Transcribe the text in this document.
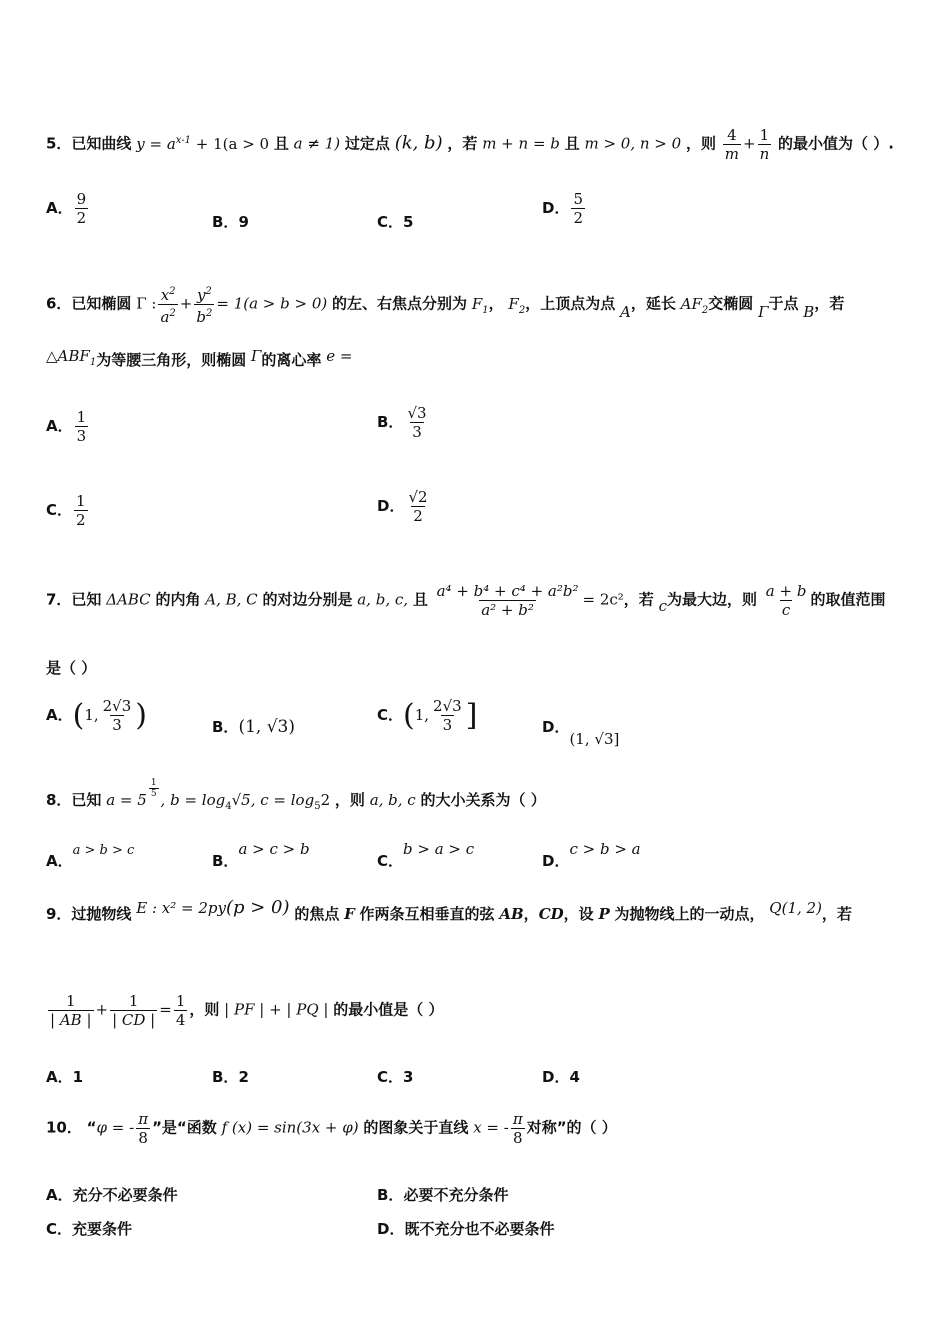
5．已知曲线 $y = a^{x-1} + 1(a > 0$ 且 a ≠ 1) 过定点 (k, b) ，若 m + n = b 且 m > 0, n > 0 ，则 $\frac{4}{m} + \frac{1}{n}$ 的最小值为（ ）.
A． $\frac{9}{2}$	B．9	C．5
D． $\frac{5}{2}$
6．已知椭圆 Γ : $\frac{x^2}{a^2} + \frac{y^2}{b^2} = 1(a > b > 0)$ 的左、右焦点分别为 $F_1$， $F_2$，上顶点为点 A，延长 $AF_2$交椭圆 Γ于点 B，若
$\triangle ABF_1$为等腰三角形，则椭圆 Γ的离心率 e =
A． $\frac{1}{3}$	B． $\frac{√3}{3}$
C． $\frac{1}{2}$	D． $\frac{√2}{2}$
7．已知 ΔABC 的内角 A, B, C 的对边分别是 a, b, c, 且 $\frac{\text{a⁴ + b⁴ + c⁴ + a²b²}}{\text{a² + b²}} = 2c^2$，若 c为最大边，则 $\frac{a + b}{c}$ 的取值范围
是（ ）
A．(1, $\frac{2√3}{3}$ )	B．(1, √3)
C．(1, $\frac{2√3}{3}$ ]	D．(1, √3]
8．已知 a = 5
$\frac{1}{5}$
, $b = \log_4√5$, $c = \log_52$ ，则 a, b, c 的大小关系为（ ）
A．a > b > c
B．a > c > b
C．b > a > c
D．c > b > a
9．过抛物线 E : x² = 2py(p > 0) 的焦点 F 作两条互相垂直的弦 AB，CD，设 P 为抛物线上的一动点， Q(1, 2)，若
$\frac{1}{| AB |} + \frac{1}{| CD |} = \frac{1}{4}$ ，则 | PF | + | PQ | 的最小值是（ ）
A．1	B．2	C．3	D．4
10． “φ = - $\frac{\pi}{8}$ ”是“函数 f (x) = sin(3x + φ) 的图象关于直线 x = - $\frac{\pi}{8}$ 对称”的（ ）
A．充分不必要条件	B．必要不充分条件
C．充要条件	D．既不充分也不必要条件
